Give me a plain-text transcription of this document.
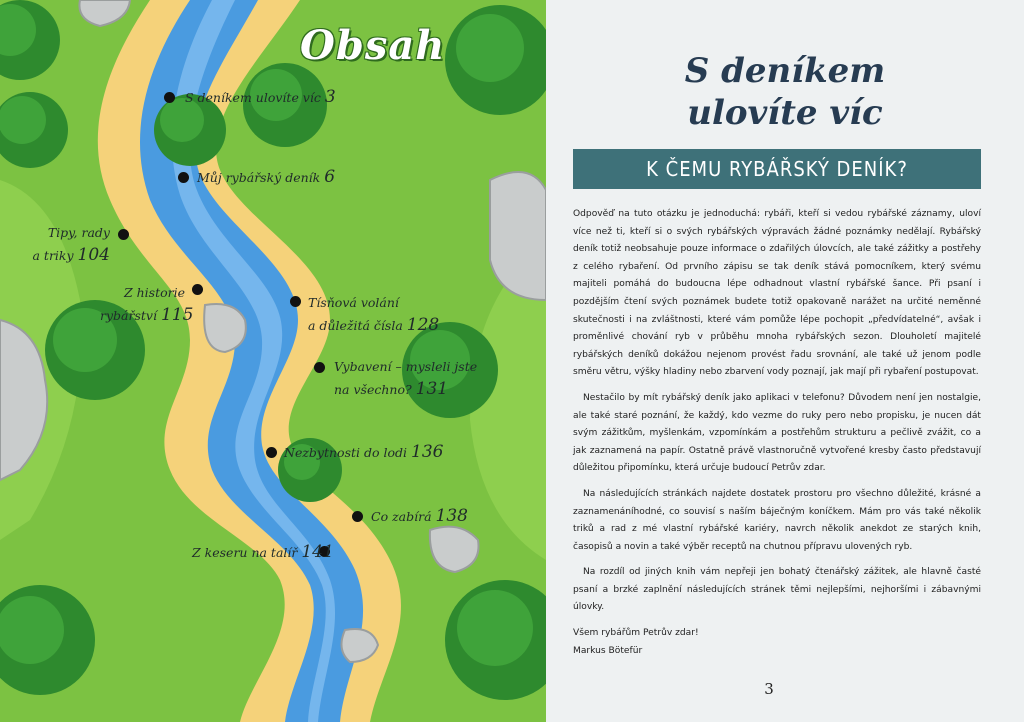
Obsah
S deníkem ulovíte víc 3
Můj rybářský deník 6
Tipy, rady
a triky 104
Z historie
rybářství 115
Tísňová volání
a důležitá čísla 128
Vybavení – mysleli jste
na všechno? 131
Nezbytnosti do lodi 136
Co zabírá 138
Z keseru na talíř 141
S deníkem
ulovíte víc
K ČEMU RYBÁŘSKÝ DENÍK?

Odpověď na tuto otázku je jednoduchá: rybáři, kteří si vedou rybářské záznamy, uloví více než ti, kteří si o svých rybářských výpravách žádné poznámky nedělají. Rybářský deník totiž neobsahuje pouze informace o zdařilých úlovcích, ale také zážitky a postřehy z celého rybaření. Od prvního zápisu se tak deník stává pomocníkem, který svému majiteli pomáhá do budoucna lépe odhadnout vlastní rybářské šance. Při psaní i pozdějším čtení svých poznámek budete totiž opakovaně narážet na určité neměnné skutečnosti i na zvláštnosti, které vám pomůže lépe pochopit „předvídatelné“, avšak i proměnlivé chování ryb v průběhu mnoha rybářských sezon. Dlouholetí majitelé rybářských deníků dokážou nejenom provést řadu srovnání, ale také už jenom podle směru větru, výšky hladiny nebo zbarvení vody poznají, jak mají při rybaření postupovat.

Nestačilo by mít rybářský deník jako aplikaci v telefonu? Důvodem není jen nostalgie, ale také staré poznání, že každý, kdo vezme do ruky pero nebo propisku, je nucen dát svým zážitkům, myšlenkám, vzpomínkám a postřehům strukturu a pečlivě zvážit, co a jak zaznamená na papír. Ostatně právě vlastnoručně vytvořené kresby často představují důležitou připomínku, která určuje budoucí Petrův zdar.

Na následujících stránkách najdete dostatek prostoru pro všechno důležité, krásné a zaznamenáníhodné, co souvisí s naším báječným koníčkem. Mám pro vás také několik triků a rad z mé vlastní rybářské kariéry, navrch několik anekdot ze starých knih, časopisů a novin a také výběr receptů na chutnou přípravu ulovených ryb.

Na rozdíl od jiných knih vám nepřeji jen bohatý čtenářský zážitek, ale hlavně časté psaní a brzké zaplnění následujících stránek těmi nejlepšími, nejhoršími i zábavnými úlovky.

Všem rybářům Petrův zdar!
Markus Bötefür
3
